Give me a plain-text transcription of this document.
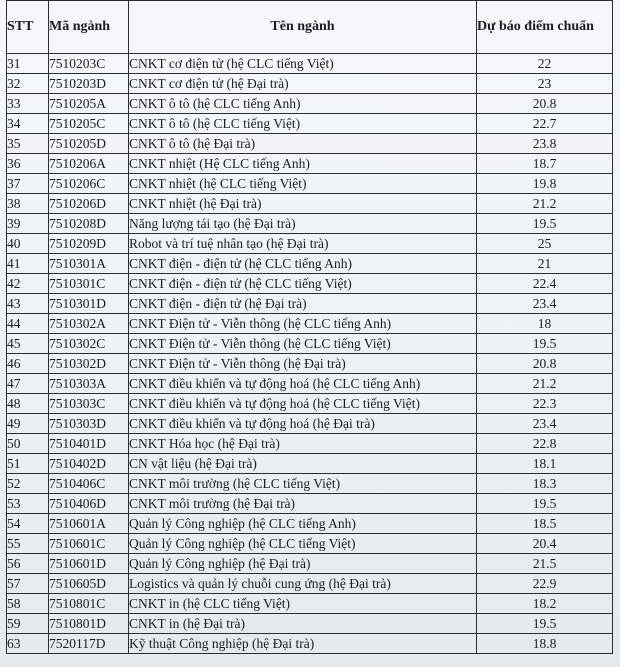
STT	Mã ngành	Tên ngành	Dự báo điểm chuẩn
31	7510203C	CNKT cơ điện tử (hệ CLC tiếng Việt)	22
32	7510203D	CNKT cơ điện tử (hệ Đại trà)	23
33	7510205A	CNKT ô tô (hệ CLC tiếng Anh)	20.8
34	7510205C	CNKT ô tô (hệ CLC tiếng Việt)	22.7
35	7510205D	CNKT ô tô (hệ Đại trà)	23.8
36	7510206A	CNKT nhiệt (Hệ CLC tiếng Anh)	18.7
37	7510206C	CNKT nhiệt (hệ CLC tiếng Việt)	19.8
38	7510206D	CNKT nhiệt (hệ Đại trà)	21.2
39	7510208D	Năng lượng tái tạo (hệ Đại trà)	19.5
40	7510209D	Robot và trí tuệ nhân tạo (hệ Đại trà)	25
41	7510301A	CNKT điện - điện tử (hệ CLC tiếng Anh)	21
42	7510301C	CNKT điện - điện tử (hệ CLC tiếng Việt)	22.4
43	7510301D	CNKT điện - điện tử (hệ Đại trà)	23.4
44	7510302A	CNKT Điện tử - Viễn thông (hệ CLC tiếng Anh)	18
45	7510302C	CNKT Điện tử - Viễn thông (hệ CLC tiếng Việt)	19.5
46	7510302D	CNKT Điện tử - Viễn thông (hệ Đại trà)	20.8
47	7510303A	CNKT điều khiển và tự động hoá (hệ CLC tiếng Anh)	21.2
48	7510303C	CNKT điều khiển và tự động hoá (hệ CLC tiếng Việt)	22.3
49	7510303D	CNKT điều khiển và tự động hoá (hệ Đại trà)	23.4
50	7510401D	CNKT Hóa học (hệ Đại trà)	22.8
51	7510402D	CN vật liệu (hệ Đại trà)	18.1
52	7510406C	CNKT môi trường (hệ CLC tiếng Việt)	18.3
53	7510406D	CNKT môi trường (hệ Đại trà)	19.5
54	7510601A	Quản lý Công nghiệp (hệ CLC tiếng Anh)	18.5
55	7510601C	Quản lý Công nghiệp (hệ CLC tiếng Việt)	20.4
56	7510601D	Quản lý Công nghiệp (hệ Đại trà)	21.5
57	7510605D	Logistics và quản lý chuỗi cung ứng (hệ Đại trà)	22.9
58	7510801C	CNKT in (hệ CLC tiếng Việt)	18.2
59	7510801D	CNKT in (hệ Đại trà)	19.5
63	7520117D	Kỹ thuật Công nghiệp (hệ Đại trà)	18.8
